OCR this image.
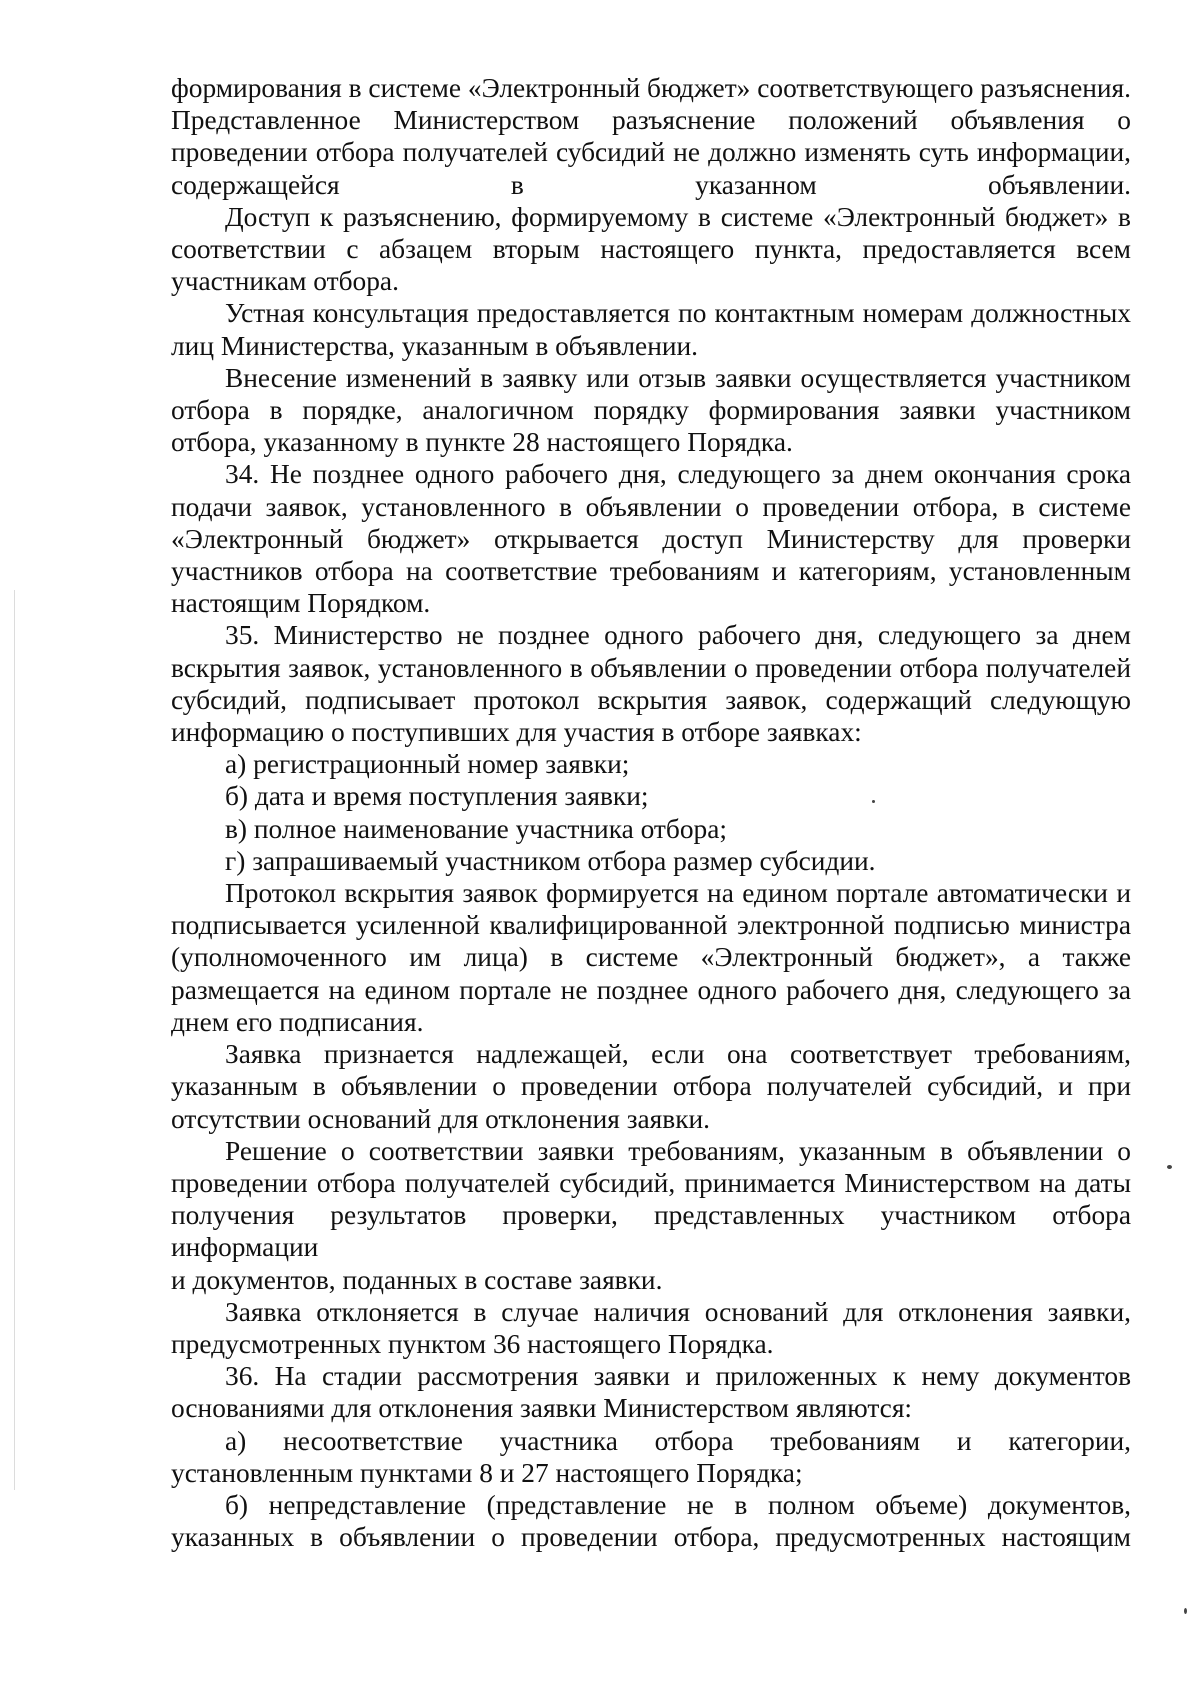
формирования в системе «Электронный бюджет» соответствующего разъяснения. Представленное Министерством разъяснение положений объявления о проведении отбора получателей субсидий не должно изменять суть информации, содержащейся в указанном объявлении.

Доступ к разъяснению, формируемому в системе «Электронный бюджет» в соответствии с абзацем вторым настоящего пункта, предоставляется всем участникам отбора.

Устная консультация предоставляется по контактным номерам должностных лиц Министерства, указанным в объявлении.

Внесение изменений в заявку или отзыв заявки осуществляется участником отбора в порядке, аналогичном порядку формирования заявки участником отбора, указанному в пункте 28 настоящего Порядка.

34. Не позднее одного рабочего дня, следующего за днем окончания срока подачи заявок, установленного в объявлении о проведении отбора, в системе «Электронный бюджет» открывается доступ Министерству для проверки участников отбора на соответствие требованиям и категориям, установленным настоящим Порядком.

35. Министерство не позднее одного рабочего дня, следующего за днем вскрытия заявок, установленного в объявлении о проведении отбора получателей субсидий, подписывает протокол вскрытия заявок, содержащий следующую информацию о поступивших для участия в отборе заявках:

а) регистрационный номер заявки;

б) дата и время поступления заявки;

в) полное наименование участника отбора;

г) запрашиваемый участником отбора размер субсидии.

Протокол вскрытия заявок формируется на едином портале автоматически и подписывается усиленной квалифицированной электронной подписью министра (уполномоченного им лица) в системе «Электронный бюджет», а также размещается на едином портале не позднее одного рабочего дня, следующего за днем его подписания.

Заявка признается надлежащей, если она соответствует требованиям, указанным в объявлении о проведении отбора получателей субсидий, и при отсутствии оснований для отклонения заявки.

Решение о соответствии заявки требованиям, указанным в объявлении о проведении отбора получателей субсидий, принимается Министерством на даты получения результатов проверки, представленных участником отбора информации

и документов, поданных в составе заявки.

Заявка отклоняется в случае наличия оснований для отклонения заявки, предусмотренных пунктом 36 настоящего Порядка.

36. На стадии рассмотрения заявки и приложенных к нему документов основаниями для отклонения заявки Министерством являются:

а) несоответствие участника отбора требованиям и категории, установленным пунктами 8 и 27 настоящего Порядка;

б) непредставление (представление не в полном объеме) документов, указанных в объявлении о проведении отбора, предусмотренных настоящим
